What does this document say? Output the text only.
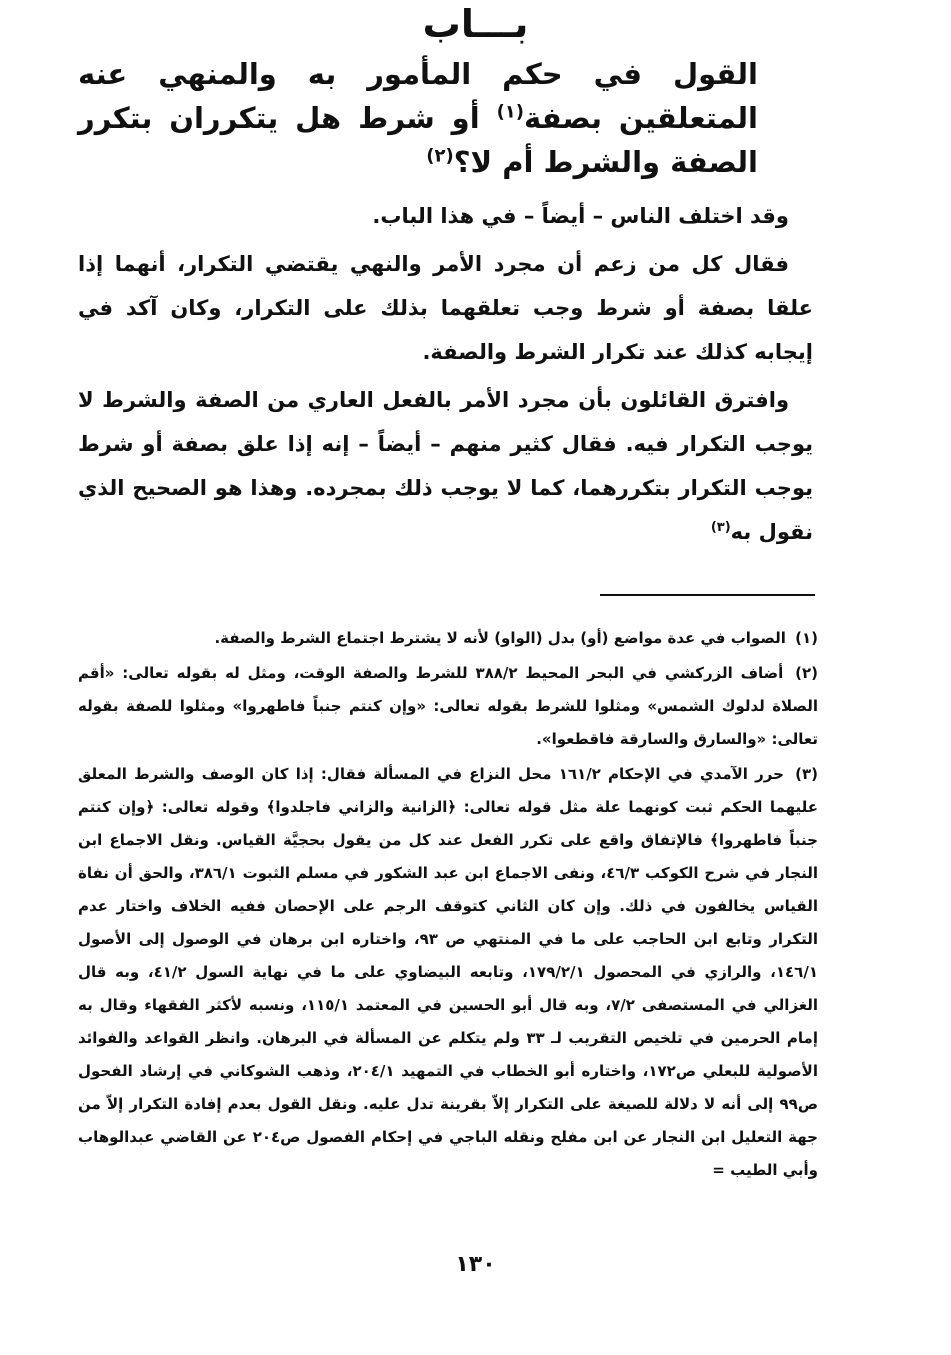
بـــاب
القول في حكم المأمور به والمنهي عنه المتعلقين بصفة$^{(١)}$ أو شرط هل يتكرران بتكرر الصفة والشرط أم لا؟$^{(٢)}$

وقد اختلف الناس – أيضاً – في هذا الباب.

فقال كل من زعم أن مجرد الأمر والنهي يقتضي التكرار، أنهما إذا علقا بصفة أو شرط وجب تعلقهما بذلك على التكرار، وكان آكد في إيجابه كذلك عند تكرار الشرط والصفة.

وافترق القائلون بأن مجرد الأمر بالفعل العاري من الصفة والشرط لا يوجب التكرار فيه. فقال كثير منهم – أيضاً – إنه إذا علق بصفة أو شرط يوجب التكرار بتكررهما، كما لا يوجب ذلك بمجرده. وهذا هو الصحيح الذي نقول به$^{(٣)}$

(١) الصواب في عدة مواضع (أو) بدل (الواو) لأنه لا يشترط اجتماع الشرط والصفة.

(٢) أضاف الزركشي في البحر المحيط ٣٨٨/٢ للشرط والصفة الوقت، ومثل له بقوله تعالى: «أقم الصلاة لدلوك الشمس» ومثلوا للشرط بقوله تعالى: «وإن كنتم جنباً فاطهروا» ومثلوا للصفة بقوله تعالى: «والسارق والسارقة فاقطعوا».

(٣) حرر الآمدي في الإحكام ١٦١/٢ محل النزاع في المسألة فقال: إذا كان الوصف والشرط المعلق عليهما الحكم ثبت كونهما علة مثل قوله تعالى: ﴿الزانية والزاني فاجلدوا﴾ وقوله تعالى: ﴿وإن كنتم جنباً فاطهروا﴾ فالإتفاق واقع على تكرر الفعل عند كل من يقول بحجيَّة القياس. ونقل الاجماع ابن النجار في شرح الكوكب ٤٦/٣، ونفى الاجماع ابن عبد الشكور في مسلم الثبوت ٣٨٦/١، والحق أن نفاة القياس يخالفون في ذلك. وإن كان الثاني كتوقف الرجم على الإحصان ففيه الخلاف واختار عدم التكرار وتابع ابن الحاجب على ما في المنتهي ص ٩٣، واختاره ابن برهان في الوصول إلى الأصول ١٤٦/١، والرازي في المحصول ١٧٩/٢/١، وتابعه البيضاوي على ما في نهاية السول ٤١/٢، وبه قال الغزالي في المستصفى ٧/٢، وبه قال أبو الحسين في المعتمد ١١٥/١، ونسبه لأكثر الفقهاء وقال به إمام الحرمين في تلخيص التقريب لـ ٣٣ ولم يتكلم عن المسألة في البرهان. وانظر القواعد والفوائد الأصولية للبعلي ص١٧٢، واختاره أبو الخطاب في التمهيد ٢٠٤/١، وذهب الشوكاني في إرشاد الفحول ص٩٩ إلى أنه لا دلالة للصيغة على التكرار إلاّ بقرينة تدل عليه. ونقل القول بعدم إفادة التكرار إلاّ من جهة التعليل ابن النجار عن ابن مفلح ونقله الباجي في إحكام الفصول ص٢٠٤ عن القاضي عبدالوهاب وأبي الطيب =

١٣٠
